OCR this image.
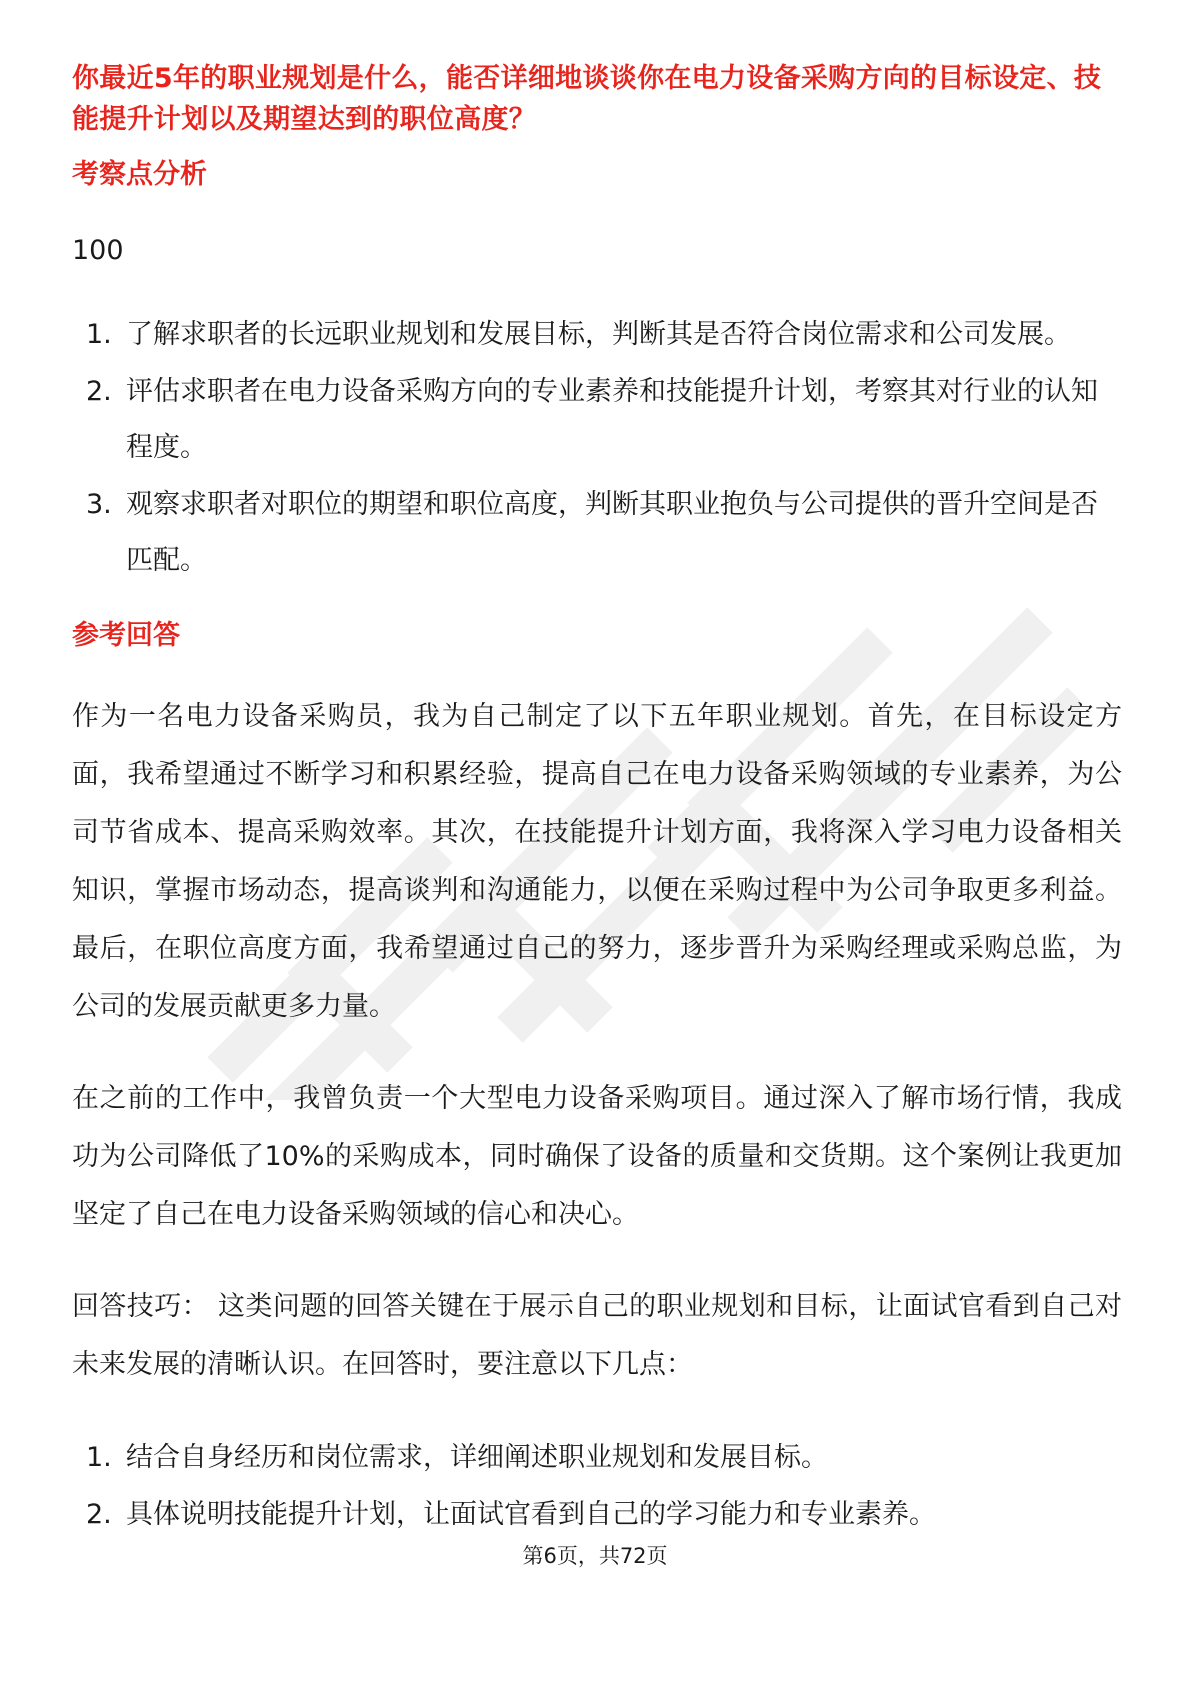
你最近5年的职业规划是什么，能否详细地谈谈你在电力设备采购方向的目标设定、技能提升计划以及期望达到的职位高度？

考察点分析

100

1. 了解求职者的长远职业规划和发展目标，判断其是否符合岗位需求和公司发展。
2. 评估求职者在电力设备采购方向的专业素养和技能提升计划，考察其对行业的认知程度。
3. 观察求职者对职位的期望和职位高度，判断其职业抱负与公司提供的晋升空间是否匹配。
参考回答

作为一名电力设备采购员，我为自己制定了以下五年职业规划。首先，在目标设定方面，我希望通过不断学习和积累经验，提高自己在电力设备采购领域的专业素养，为公司节省成本、提高采购效率。其次，在技能提升计划方面，我将深入学习电力设备相关知识，掌握市场动态，提高谈判和沟通能力，以便在采购过程中为公司争取更多利益。最后，在职位高度方面，我希望通过自己的努力，逐步晋升为采购经理或采购总监，为公司的发展贡献更多力量。

在之前的工作中，我曾负责一个大型电力设备采购项目。通过深入了解市场行情，我成功为公司降低了10%的采购成本，同时确保了设备的质量和交货期。这个案例让我更加坚定了自己在电力设备采购领域的信心和决心。

回答技巧： 这类问题的回答关键在于展示自己的职业规划和目标，让面试官看到自己对未来发展的清晰认识。在回答时，要注意以下几点：

1. 结合自身经历和岗位需求，详细阐述职业规划和发展目标。
2. 具体说明技能提升计划，让面试官看到自己的学习能力和专业素养。
第6页，共72页
